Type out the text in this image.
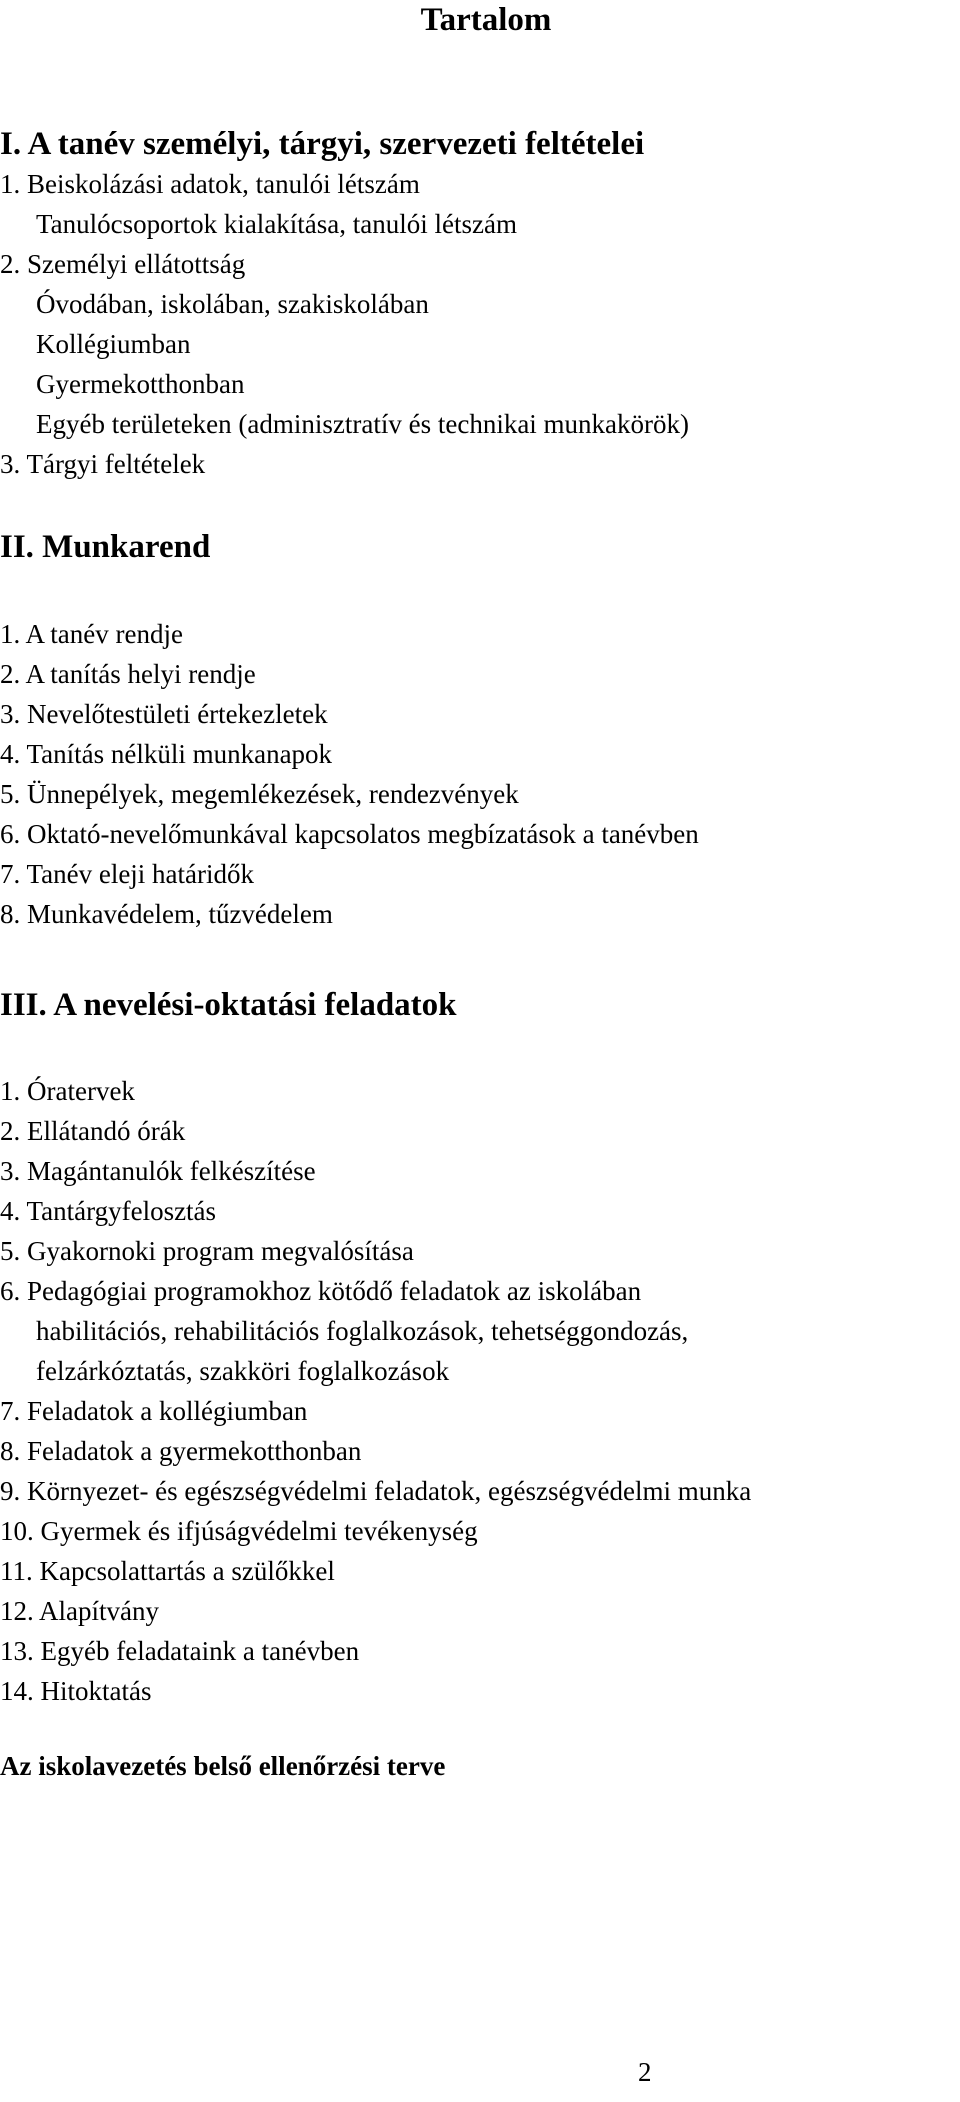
Tartalom
I. A tanév személyi, tárgyi, szervezeti feltételei
1. Beiskolázási adatok, tanulói létszám
Tanulócsoportok kialakítása, tanulói létszám
2. Személyi ellátottság
Óvodában, iskolában, szakiskolában
Kollégiumban
Gyermekotthonban
Egyéb területeken (adminisztratív és technikai munkakörök)
3. Tárgyi feltételek
II. Munkarend
1. A tanév rendje
2. A tanítás helyi rendje
3. Nevelőtestületi értekezletek
4. Tanítás nélküli munkanapok
5. Ünnepélyek, megemlékezések, rendezvények
6. Oktató-nevelőmunkával kapcsolatos megbízatások a tanévben
7. Tanév eleji határidők
8. Munkavédelem, tűzvédelem
III. A nevelési-oktatási feladatok
1. Óratervek
2. Ellátandó órák
3. Magántanulók felkészítése
4. Tantárgyfelosztás
5. Gyakornoki program megvalósítása
6. Pedagógiai programokhoz kötődő feladatok az iskolában
habilitációs, rehabilitációs foglalkozások, tehetséggondozás,
felzárkóztatás, szakköri foglalkozások
7. Feladatok a kollégiumban
8. Feladatok a gyermekotthonban
9. Környezet- és egészségvédelmi feladatok, egészségvédelmi munka
10. Gyermek és ifjúságvédelmi tevékenység
11. Kapcsolattartás a szülőkkel
12. Alapítvány
13. Egyéb feladataink a tanévben
14. Hitoktatás
Az iskolavezetés belső ellenőrzési terve
2
